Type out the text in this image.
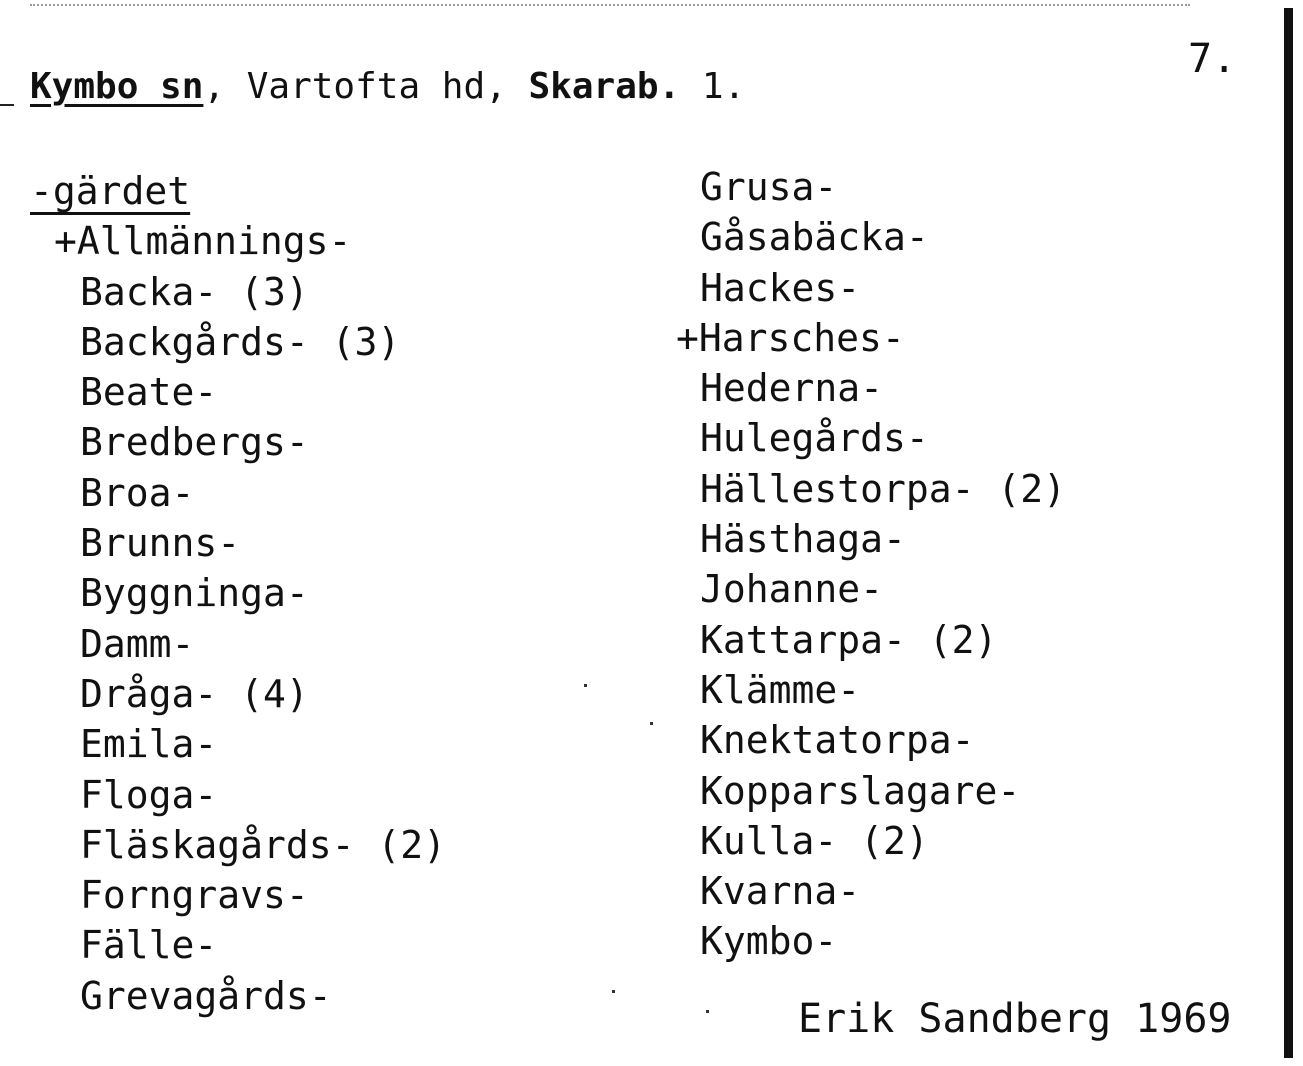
7.
Kymbo sn, Vartofta hd, Skarab. 1.
-gärdet
+Allmännings-
Backa- (3)
Backgårds- (3)
Beate-
Bredbergs-
Broa-
Brunns-
Byggninga-
Damm-
Dråga- (4)
Emila-
Floga-
Fläskagårds- (2)
Forngravs-
Fälle-
Grevagårds-
Grusa-
Gåsabäcka-
Hackes-
+Harsches-
Hederna-
Hulegårds-
Hällestorpa- (2)
Hästhaga-
Johanne-
Kattarpa- (2)
Klämme-
Knektatorpa-
Kopparslagare-
Kulla- (2)
Kvarna-
Kymbo-
Erik Sandberg 1969
